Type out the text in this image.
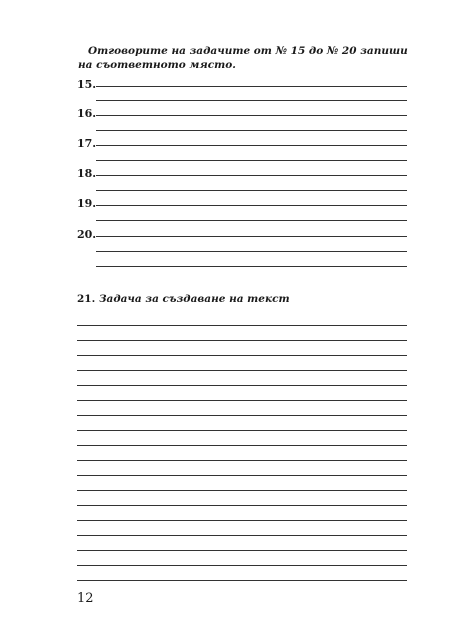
Отговорите на задачите от № 15 до № 20 запиши на съответното място.

15.
16.
17.
18.
19.
20.

21. Задача за създаване на текст

12
